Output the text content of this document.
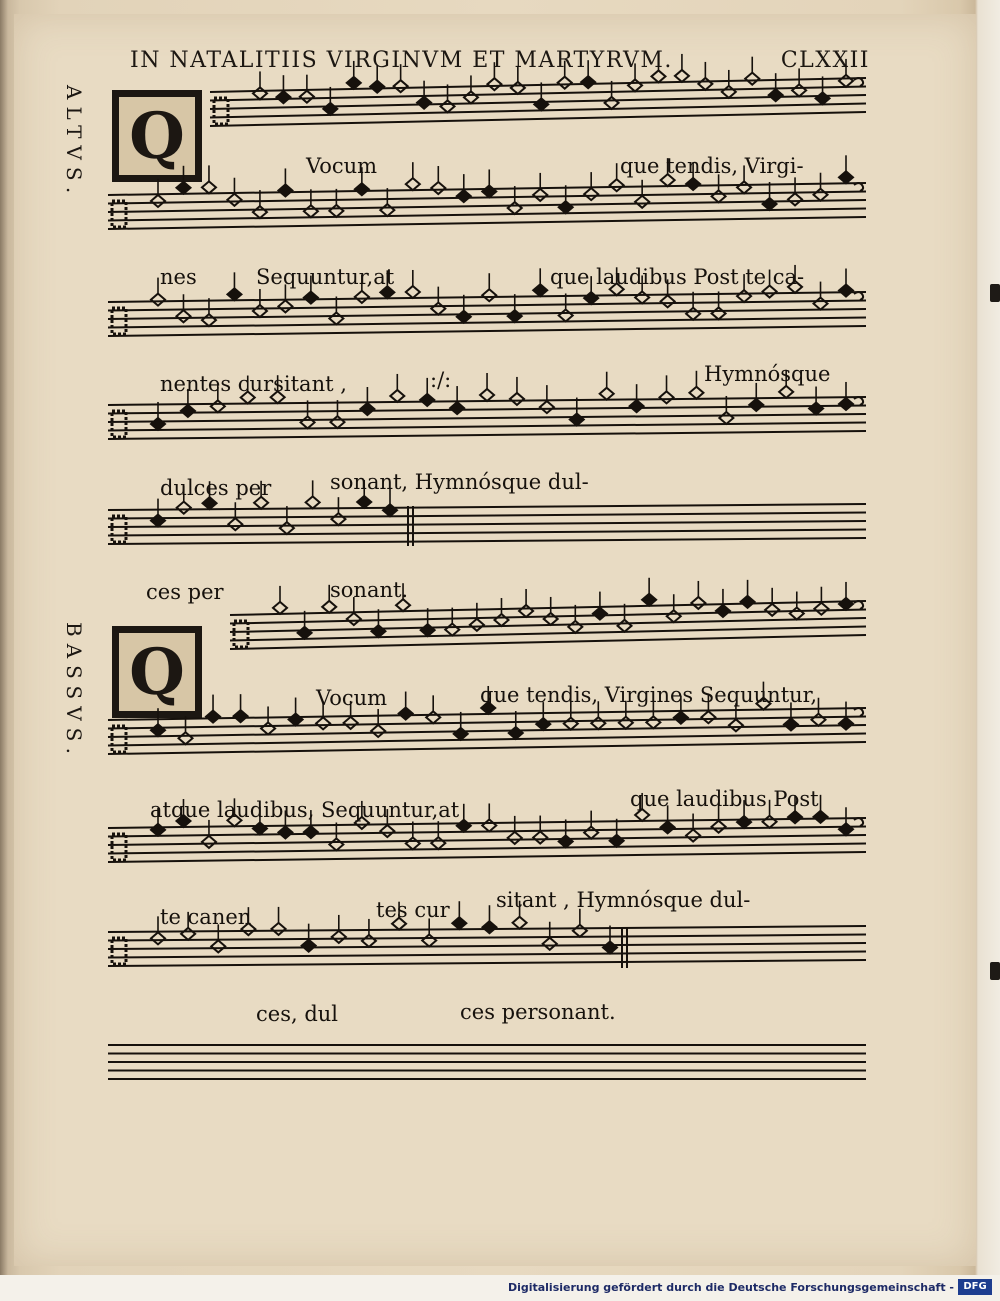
IN NATALITIIS VIRGINVM ET MARTYRVM.	CLXXII
ALTVS.
BASSVS.
Q
Q
Vocum	que tendis, Virgi-
nes	Sequuntur,at	que laudibus Post te ca-
nentes cursitant ,	:/:	Hymnósque
dulces per	sonant, Hymnósque dul-
ces per	sonant.
Vocum	que tendis, Virgines Sequuntur,
atque laudibus, Sequuntur,at	que laudibus Post
te canen	tes cur sitant , Hymnósque dul-
ces, dul	ces personant.
Digitalisierung gefördert durch die Deutsche Forschungsgemeinschaft - DFG
